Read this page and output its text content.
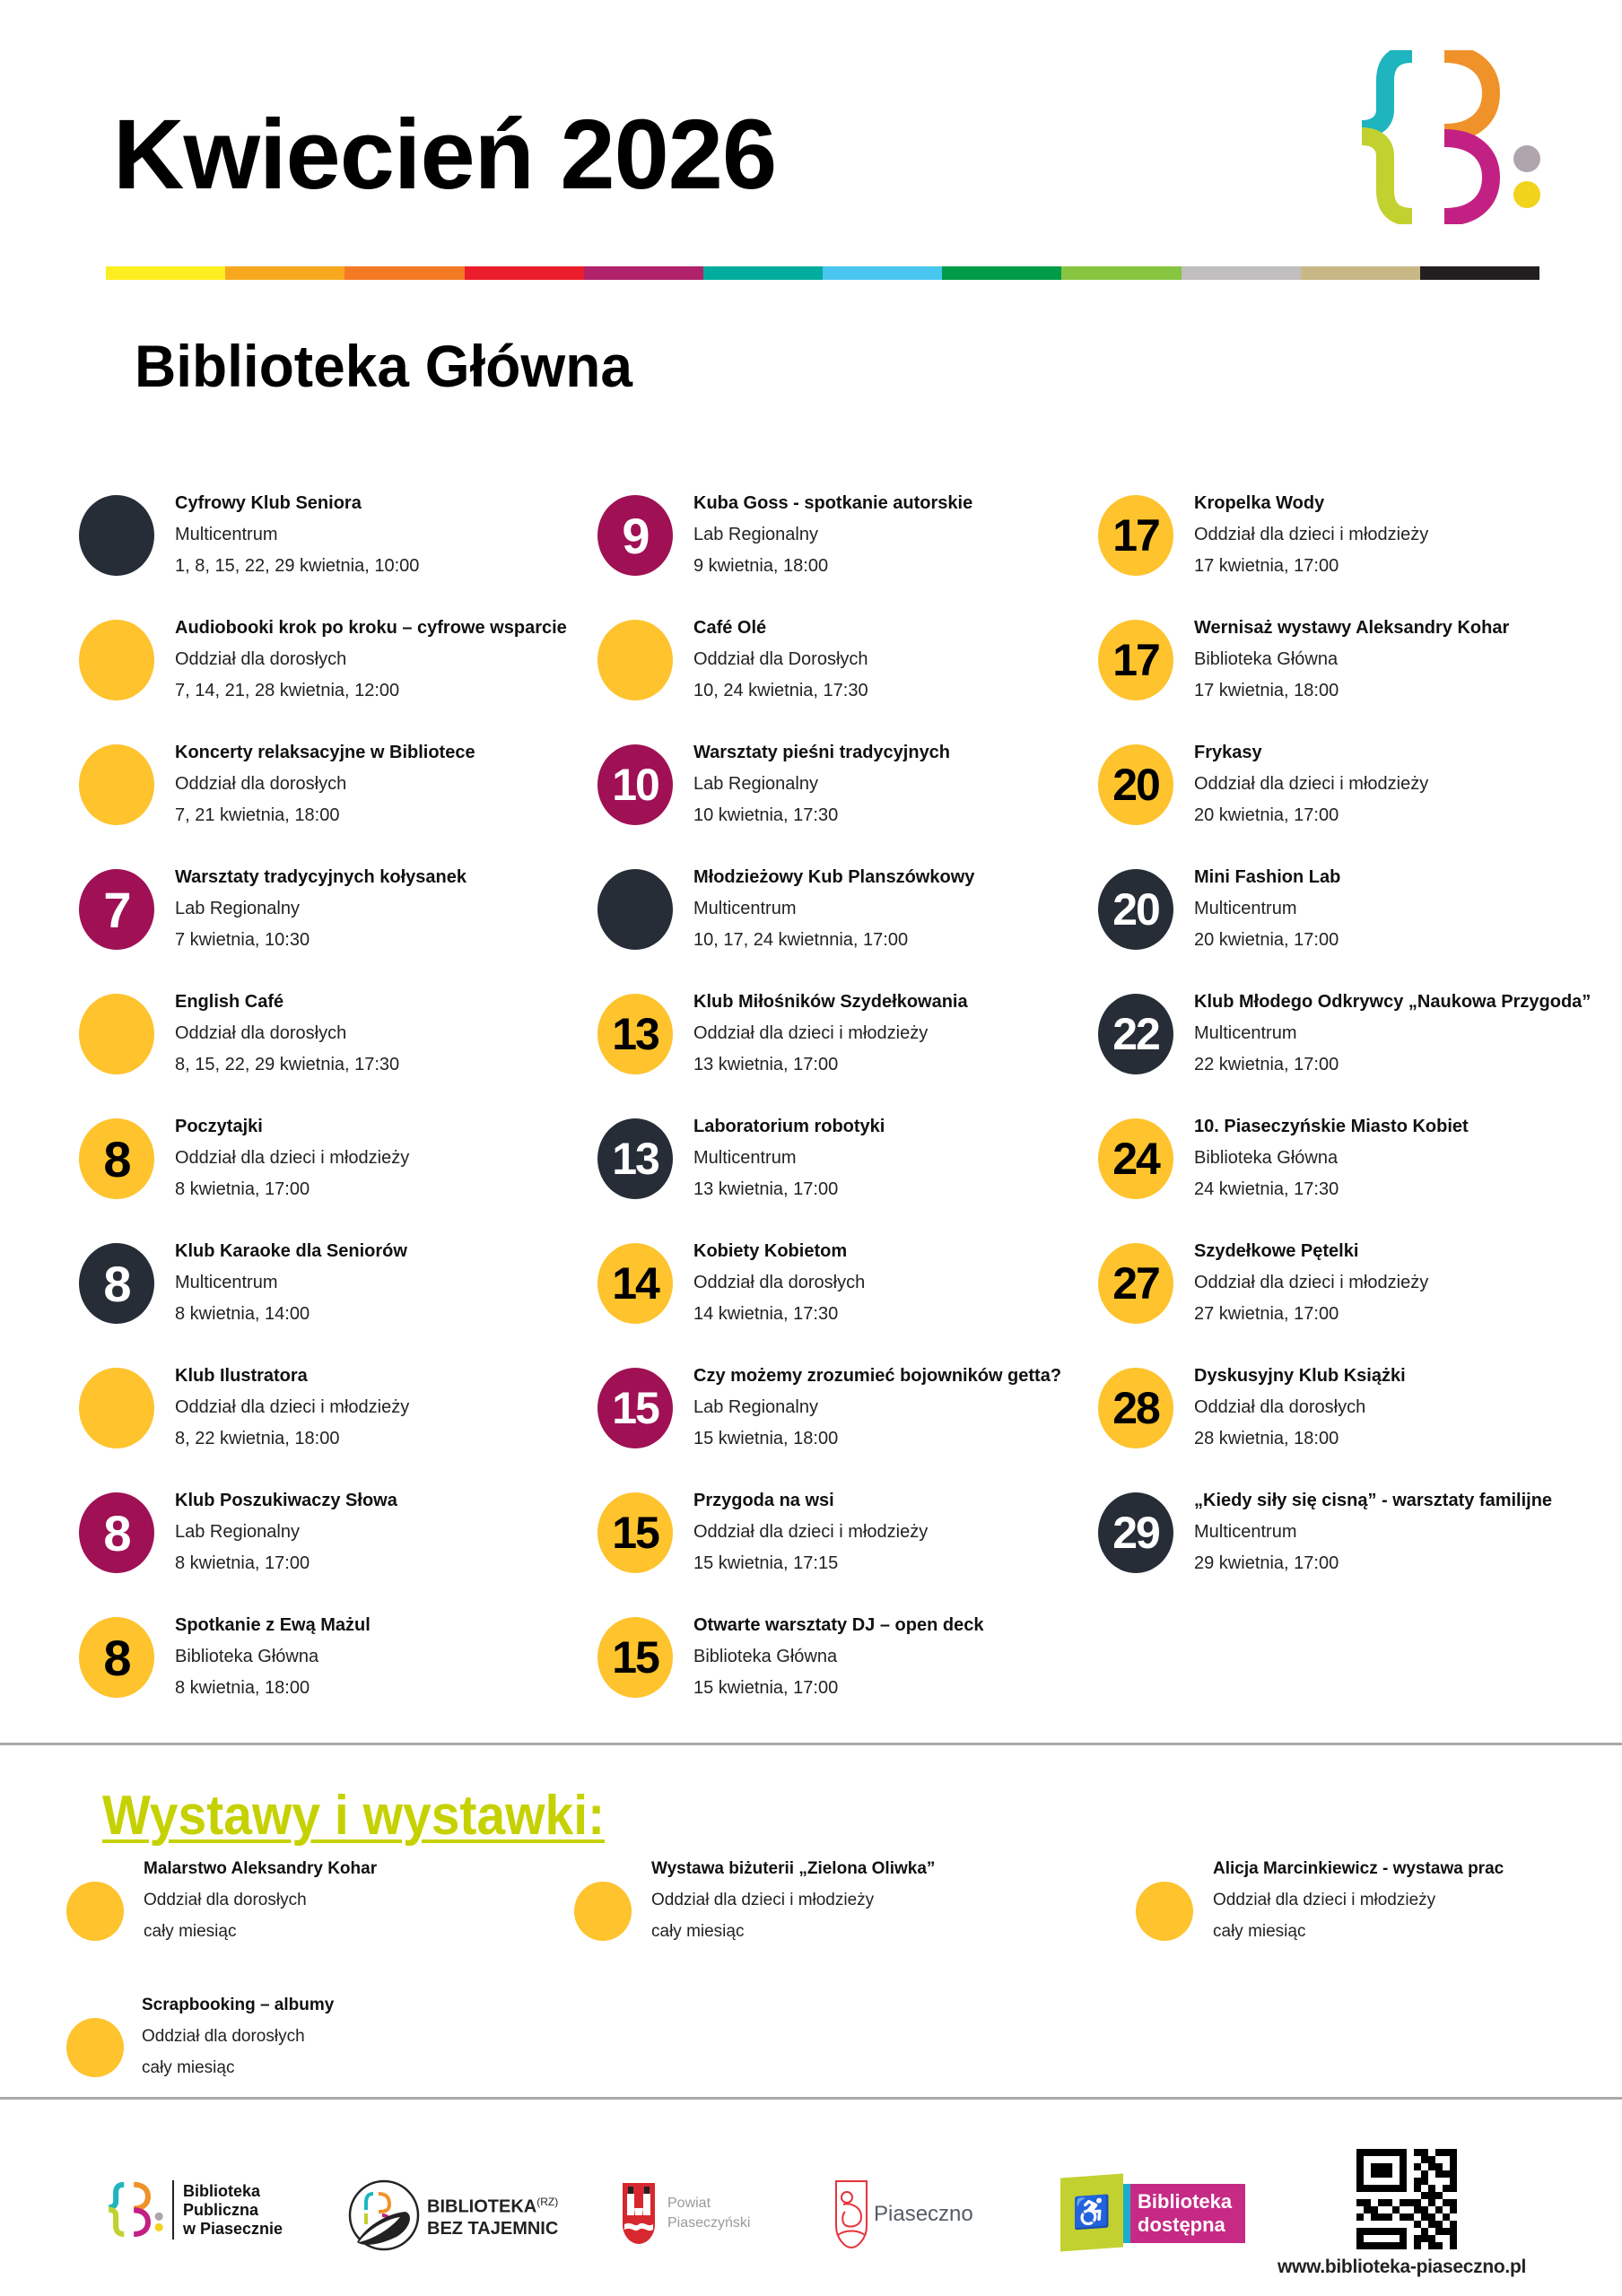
Kwiecień 2026
Biblioteka Główna
Cyfrowy Klub Seniora
Multicentrum
1, 8, 15, 22, 29 kwietnia, 10:00
Audiobooki krok po kroku – cyfrowe wsparcie
Oddział dla dorosłych
7, 14, 21, 28 kwietnia, 12:00
Koncerty relaksacyjne w Bibliotece
Oddział dla dorosłych
7, 21 kwietnia, 18:00
7
Warsztaty tradycyjnych kołysanek
Lab Regionalny
7 kwietnia, 10:30
English Café
Oddział dla dorosłych
8, 15, 22, 29 kwietnia, 17:30
8
Poczytajki
Oddział dla dzieci i młodzieży
8 kwietnia, 17:00
8
Klub Karaoke dla Seniorów
Multicentrum
8 kwietnia, 14:00
Klub Ilustratora
Oddział dla dzieci i młodzieży
8, 22 kwietnia, 18:00
8
Klub Poszukiwaczy Słowa
Lab Regionalny
8 kwietnia, 17:00
8
Spotkanie z Ewą Mażul
Biblioteka Główna
8 kwietnia, 18:00
9
Kuba Goss - spotkanie autorskie
Lab Regionalny
9 kwietnia, 18:00
Café Olé
Oddział dla Dorosłych
10, 24 kwietnia, 17:30
10
Warsztaty pieśni tradycyjnych
Lab Regionalny
10 kwietnia, 17:30
Młodzieżowy Kub Planszówkowy
Multicentrum
10, 17, 24 kwietnnia, 17:00
13
Klub Miłośników Szydełkowania
Oddział dla dzieci i młodzieży
13 kwietnia, 17:00
13
Laboratorium robotyki
Multicentrum
13 kwietnia, 17:00
14
Kobiety Kobietom
Oddział dla dorosłych
14 kwietnia, 17:30
15
Czy możemy zrozumieć bojowników getta?
Lab Regionalny
15 kwietnia, 18:00
15
Przygoda na wsi
Oddział dla dzieci i młodzieży
15 kwietnia, 17:15
15
Otwarte warsztaty DJ – open deck
Biblioteka Główna
15 kwietnia, 17:00
17
Kropelka Wody
Oddział dla dzieci i młodzieży
17 kwietnia, 17:00
17
Wernisaż wystawy Aleksandry Kohar
Biblioteka Główna
17 kwietnia, 18:00
20
Frykasy
Oddział dla dzieci i młodzieży
20 kwietnia, 17:00
20
Mini Fashion Lab
Multicentrum
20 kwietnia, 17:00
22
Klub Młodego Odkrywcy „Naukowa Przygoda”
Multicentrum
22 kwietnia, 17:00
24
10. Piaseczyńskie Miasto Kobiet
Biblioteka Główna
24 kwietnia, 17:30
27
Szydełkowe Pętelki
Oddział dla dzieci i młodzieży
27 kwietnia, 17:00
28
Dyskusyjny Klub Książki
Oddział dla dorosłych
28 kwietnia, 18:00
29
„Kiedy siły się cisną” - warsztaty familijne
Multicentrum
29 kwietnia, 17:00
Wystawy i wystawki:
Malarstwo Aleksandry Kohar
Oddział dla dorosłych
cały miesiąc
Wystawa biżuterii „Zielona Oliwka”
Oddział dla dzieci i młodzieży
cały miesiąc
Alicja Marcinkiewicz - wystawa prac
Oddział dla dzieci i młodzieży
cały miesiąc
Scrapbooking – albumy
Oddział dla dorosłych
cały miesiąc
Biblioteka
Publiczna
w Piasecznie
$BIBLIOTEKA^{(RZ)}$
BEZ TAJEMNIC
Powiat
Piaseczyński	Piaseczno	♿ Biblioteka
dostępna
www.biblioteka-piaseczno.pl
